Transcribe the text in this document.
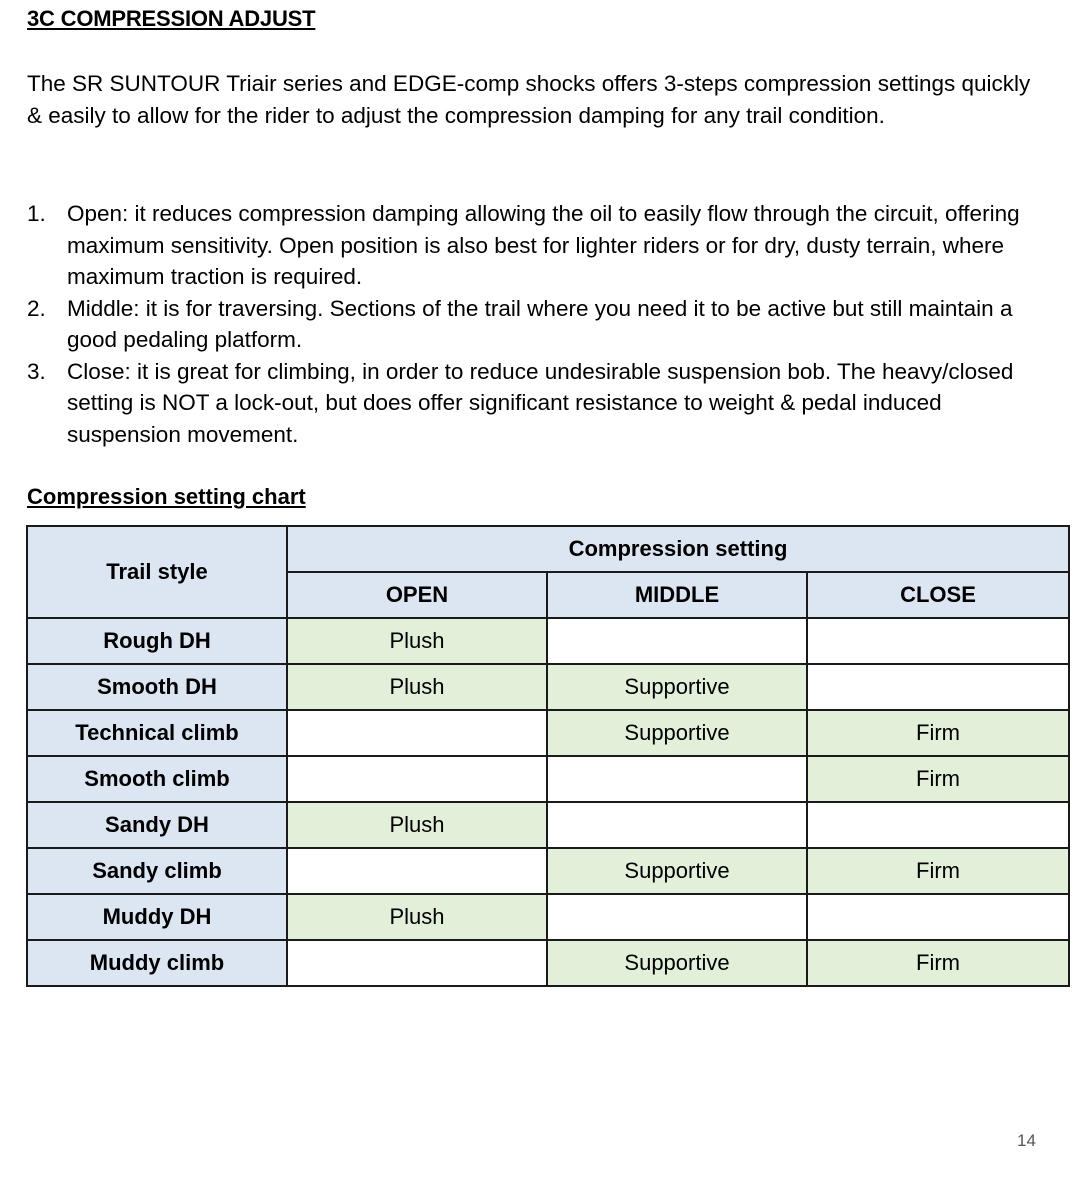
3C COMPRESSION ADJUST
The SR SUNTOUR Triair series and EDGE-comp shocks offers 3-steps compression settings quickly & easily to allow for the rider to adjust the compression damping for any trail condition.
1. Open: it reduces compression damping allowing the oil to easily flow through the circuit, offering maximum sensitivity. Open position is also best for lighter riders or for dry, dusty terrain, where maximum traction is required.
2. Middle: it is for traversing. Sections of the trail where you need it to be active but still maintain a good pedaling platform.
3. Close: it is great for climbing, in order to reduce undesirable suspension bob. The heavy/closed setting is NOT a lock-out, but does offer significant resistance to weight & pedal induced suspension movement.
Compression setting chart
Trail style	Compression setting		
	OPEN	MIDDLE	CLOSE
Rough DH	Plush		
Smooth DH	Plush	Supportive	
Technical climb		Supportive	Firm
Smooth climb			Firm
Sandy DH	Plush		
Sandy climb		Supportive	Firm
Muddy DH	Plush		
Muddy climb		Supportive	Firm
14
